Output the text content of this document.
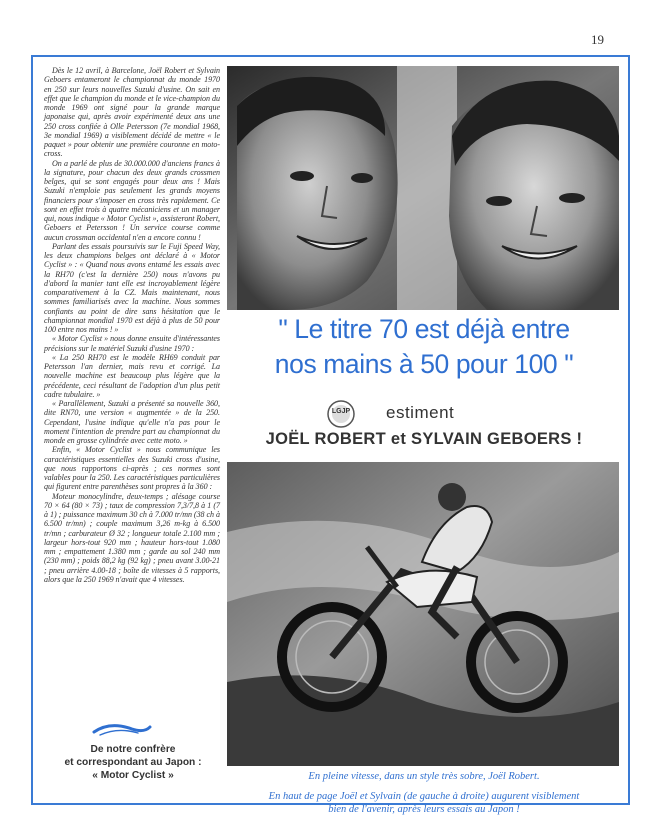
19

Dès le 12 avril, à Barcelone, Joël Robert et Sylvain Geboers entameront le championnat du monde 1970 en 250 sur leurs nouvelles Suzuki d'usine. On sait en effet que le champion du monde et le vice-champion du monde 1969 ont signé pour la grande marque japonaise qui, après avoir expérimenté deux ans une 250 cross confiée à Olle Petersson (7e mondial 1968, 3e mondial 1969) a visiblement décidé de mettre « le paquet » pour obtenir une première couronne en moto-cross.

On a parlé de plus de 30.000.000 d'anciens francs à la signature, pour chacun des deux grands crossmen belges, qui se sont engagés pour deux ans ! Mais Suzuki n'emploie pas seulement les grands moyens financiers pour s'imposer en cross très rapidement. Ce sont en effet trois à quatre mécaniciens et un manager qui, nous indique « Motor Cyclist », assisteront Robert, Geboers et Petersson ! Un service course comme aucun crossman occidental n'en a encore connu !

Parlant des essais poursuivis sur le Fuji Speed Way, les deux champions belges ont déclaré à « Motor Cyclist » : « Quand nous avons entamé les essais avec la RH70 (c'est la dernière 250) nous n'avons pu d'abord la manier tant elle est incroyablement légère comparativement à la CZ. Mais maintenant, nous sommes familiarisés avec la machine. Nous sommes confiants au point de dire sans hésitation que le championnat mondial 1970 est déjà à plus de 50 pour 100 entre nos mains ! »

« Motor Cyclist » nous donne ensuite d'intéressantes précisions sur le matériel Suzuki d'usine 1970 :

« La 250 RH70 est le modèle RH69 conduit par Petersson l'an dernier, mais revu et corrigé. La nouvelle machine est beaucoup plus légère que la précédente, ceci résultant de l'adoption d'un plus petit cadre tubulaire. »

« Parallèlement, Suzuki a présenté sa nouvelle 360, dite RN70, une version « augmentée » de la 250. Cependant, l'usine indique qu'elle n'a pas pour le moment l'intention de prendre part au championnat du monde en grosse cylindrée avec cette moto. »

Enfin, « Motor Cyclist » nous communique les caractéristiques essentielles des Suzuki cross d'usine, que nous rapportons ci-après ; ces normes sont valables pour la 250. Les caractéristiques particulières qui figurent entre parenthèses sont propres à la 360 :

Moteur monocylindre, deux-temps ; alésage course 70 × 64 (80 × 73) ; taux de compression 7,3/7,8 à 1 (7 à 1) ; puissance maximum 30 ch à 7.000 tr/mn (38 ch à 6.500 tr/mn) ; couple maximum 3,26 m-kg à 6.500 tr/mn ; carburateur Ø 32 ; longueur totale 2.100 mm ; largeur hors-tout 920 mm ; hauteur hors-tout 1.080 mm ; empattement 1.380 mm ; garde au sol 240 mm (230 mm) ; poids 88,2 kg (92 kg) ; pneu avant 3.00-21 ; pneu arrière 4.00-18 ; boîte de vitesses à 5 rapports, alors que la 250 1969 n'avait que 4 vitesses.

De notre confrère
et correspondant au Japon :
« Motor Cyclist »
" Le titre 70 est déjà entre
nos mains à 50 pour 100 "
LGJP estiment
JOËL ROBERT et SYLVAIN GEBOERS !
En pleine vitesse, dans un style très sobre, Joël Robert.
En haut de page Joël et Sylvain (de gauche à droite) augurent visiblement
bien de l'avenir, après leurs essais au Japon !
